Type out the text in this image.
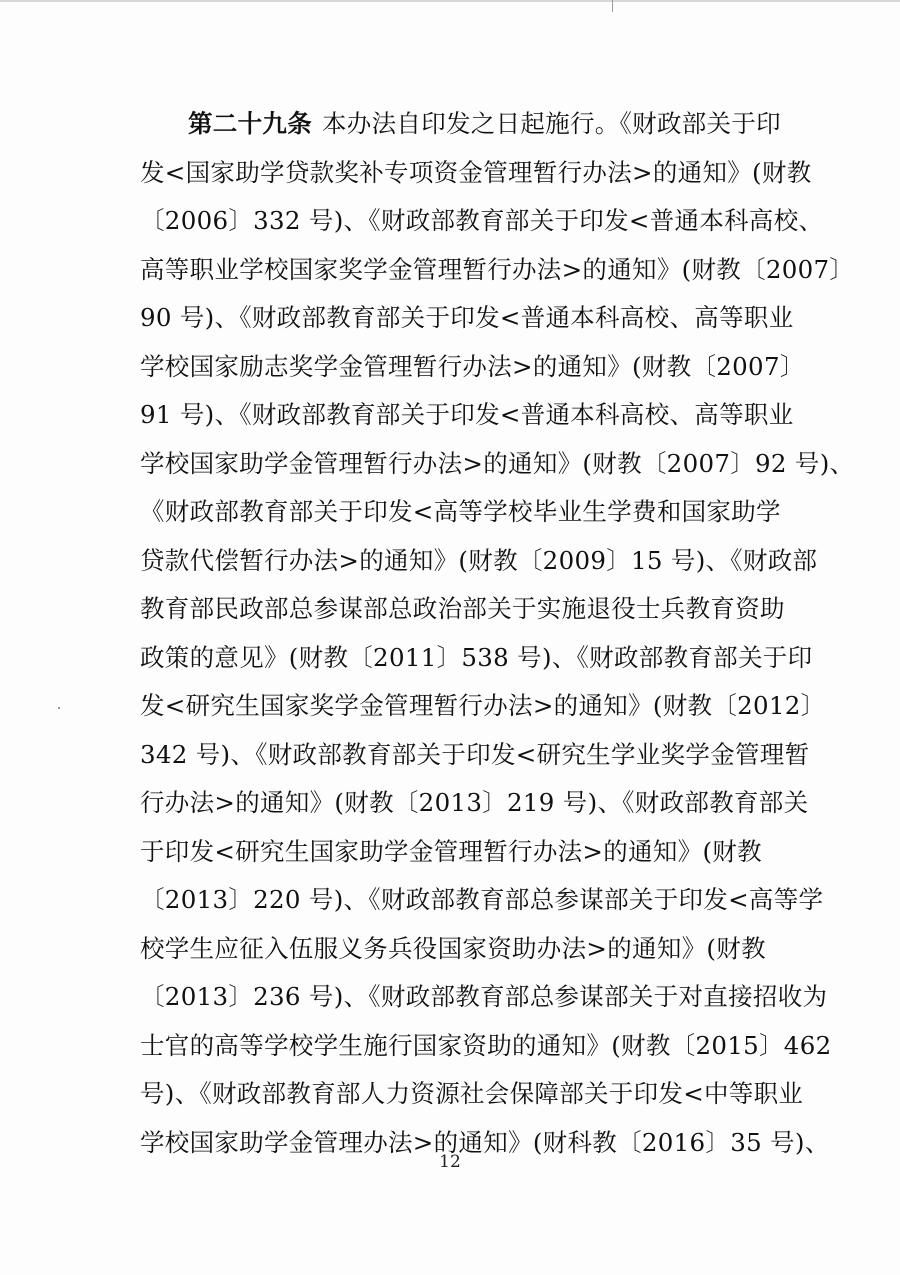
第二十九条 本办法自印发之日起施行。《财政部关于印
发<国家助学贷款奖补专项资金管理暂行办法>的通知》(财教
〔2006〕332 号)、《财政部教育部关于印发<普通本科高校、
高等职业学校国家奖学金管理暂行办法>的通知》(财教〔2007〕
90 号)、《财政部教育部关于印发<普通本科高校、高等职业
学校国家励志奖学金管理暂行办法>的通知》(财教〔2007〕
91 号)、《财政部教育部关于印发<普通本科高校、高等职业
学校国家助学金管理暂行办法>的通知》(财教〔2007〕92 号)、
《财政部教育部关于印发<高等学校毕业生学费和国家助学
贷款代偿暂行办法>的通知》(财教〔2009〕15 号)、《财政部
教育部民政部总参谋部总政治部关于实施退役士兵教育资助
政策的意见》(财教〔2011〕538 号)、《财政部教育部关于印
发<研究生国家奖学金管理暂行办法>的通知》(财教〔2012〕
342 号)、《财政部教育部关于印发<研究生学业奖学金管理暂
行办法>的通知》(财教〔2013〕219 号)、《财政部教育部关
于印发<研究生国家助学金管理暂行办法>的通知》(财教
〔2013〕220 号)、《财政部教育部总参谋部关于印发<高等学
校学生应征入伍服义务兵役国家资助办法>的通知》(财教
〔2013〕236 号)、《财政部教育部总参谋部关于对直接招收为
士官的高等学校学生施行国家资助的通知》(财教〔2015〕462
号)、《财政部教育部人力资源社会保障部关于印发<中等职业
学校国家助学金管理办法>的通知》(财科教〔2016〕35 号)、
12
